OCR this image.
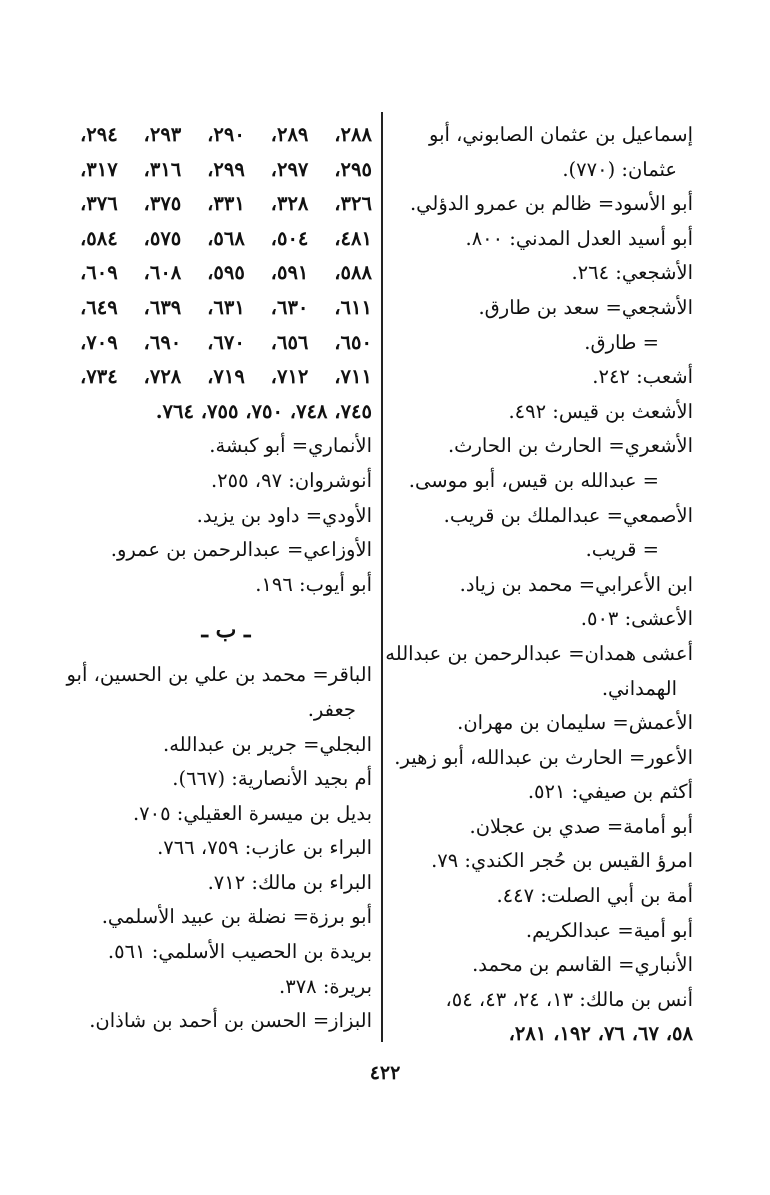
إسماعيل بن عثمان الصابوني، أبو
عثمان: (٧٧٠).
أبو الأسود= ظالم بن عمرو الدؤلي.
أبو أسيد العدل المدني: ٨٠٠.
الأشجعي: ٢٦٤.
الأشجعي= سعد بن طارق.
= طارق.
أشعب: ٢٤٢.
الأشعث بن قيس: ٤٩٢.
الأشعري= الحارث بن الحارث.
= عبدالله بن قيس، أبو موسى.
الأصمعي= عبدالملك بن قريب.
= قريب.
ابن الأعرابي= محمد بن زياد.
الأعشى: ٥٠٣.
أعشى همدان= عبدالرحمن بن عبدالله
الهمداني.
الأعمش= سليمان بن مهران.
الأعور= الحارث بن عبدالله، أبو زهير.
أكثم بن صيفي: ٥٢١.
أبو أمامة= صدي بن عجلان.
امرؤ القيس بن حُجر الكندي: ٧٩.
أمة بن أبي الصلت: ٤٤٧.
أبو أمية= عبدالكريم.
الأنباري= القاسم بن محمد.
أنس بن مالك: ١٣، ٢٤، ٤٣، ٥٤،
٥٨، ٦٧، ٧٦، ١٩٢، ٢٨١،
٢٨٨، ٢٨٩، ٢٩٠، ٢٩٣، ٢٩٤،
٢٩٥، ٢٩٧، ٢٩٩، ٣١٦، ٣١٧،
٣٢٦، ٣٢٨، ٣٣١، ٣٧٥، ٣٧٦،
٤٨١، ٥٠٤، ٥٦٨، ٥٧٥، ٥٨٤،
٥٨٨، ٥٩١، ٥٩٥، ٦٠٨، ٦٠٩،
٦١١، ٦٣٠، ٦٣١، ٦٣٩، ٦٤٩،
٦٥٠، ٦٥٦، ٦٧٠، ٦٩٠، ٧٠٩،
٧١١، ٧١٢، ٧١٩، ٧٢٨، ٧٣٤،
٧٤٥، ٧٤٨، ٧٥٠، ٧٥٥، ٧٦٤.
الأنماري= أبو كبشة.
أنوشروان: ٩٧، ٢٥٥.
الأودي= داود بن يزيد.
الأوزاعي= عبدالرحمن بن عمرو.
أبو أيوب: ١٩٦.
ـ ب ـ
الباقر= محمد بن علي بن الحسين، أبو
جعفر.
البجلي= جرير بن عبدالله.
أم بجيد الأنصارية: (٦٦٧).
بديل بن ميسرة العقيلي: ٧٠٥.
البراء بن عازب: ٧٥٩، ٧٦٦.
البراء بن مالك: ٧١٢.
أبو برزة= نضلة بن عبيد الأسلمي.
بريدة بن الحصيب الأسلمي: ٥٦١.
بريرة: ٣٧٨.
البزاز= الحسن بن أحمد بن شاذان.
٤٢٢
